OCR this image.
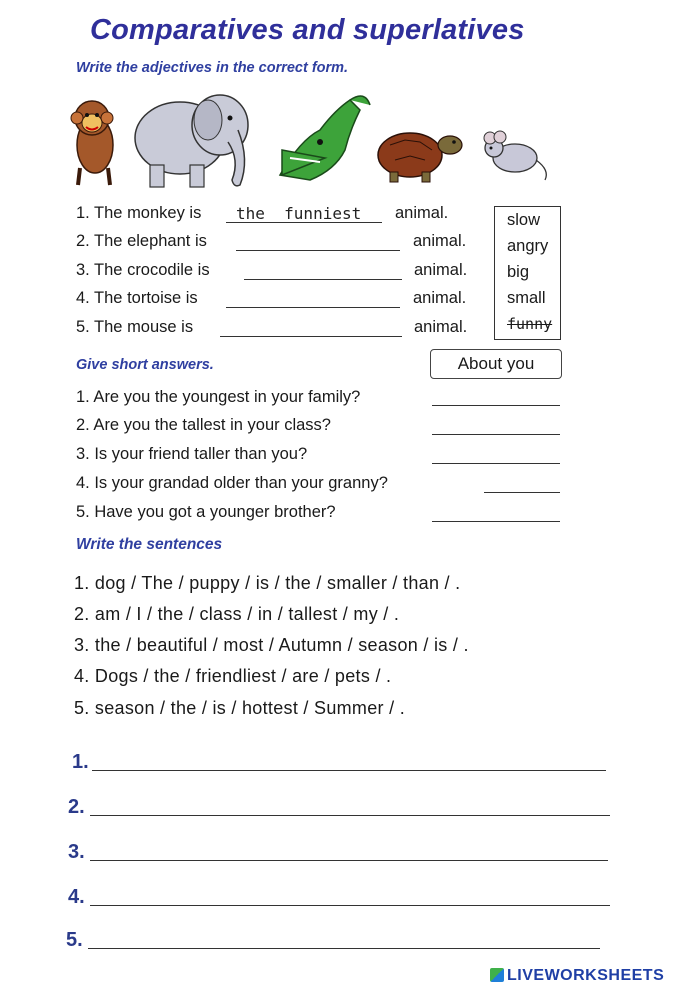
Comparatives and superlatives
Write the adjectives in the correct form.
1. The monkey is
the funniest	animal.
2. The elephant is	animal.
3. The crocodile is	animal.
4. The tortoise is	animal.
5. The mouse is	animal.
slow
angry
big
small
funny
Give short answers.	About you
1. Are you the youngest in your family?
2. Are you the tallest in your class?
3. Is your friend taller than you?
4. Is your grandad older than your granny?
5. Have you got a younger brother?
Write the sentences
1. dog / The / puppy / is / the / smaller / than / .
2. am / I / the / class / in / tallest / my / .
3. the / beautiful / most / Autumn / season / is / .
4. Dogs / the / friendliest / are / pets / .
5. season / the / is / hottest / Summer / .
1.
2.
3.
4.
5.
LIVEWORKSHEETS
